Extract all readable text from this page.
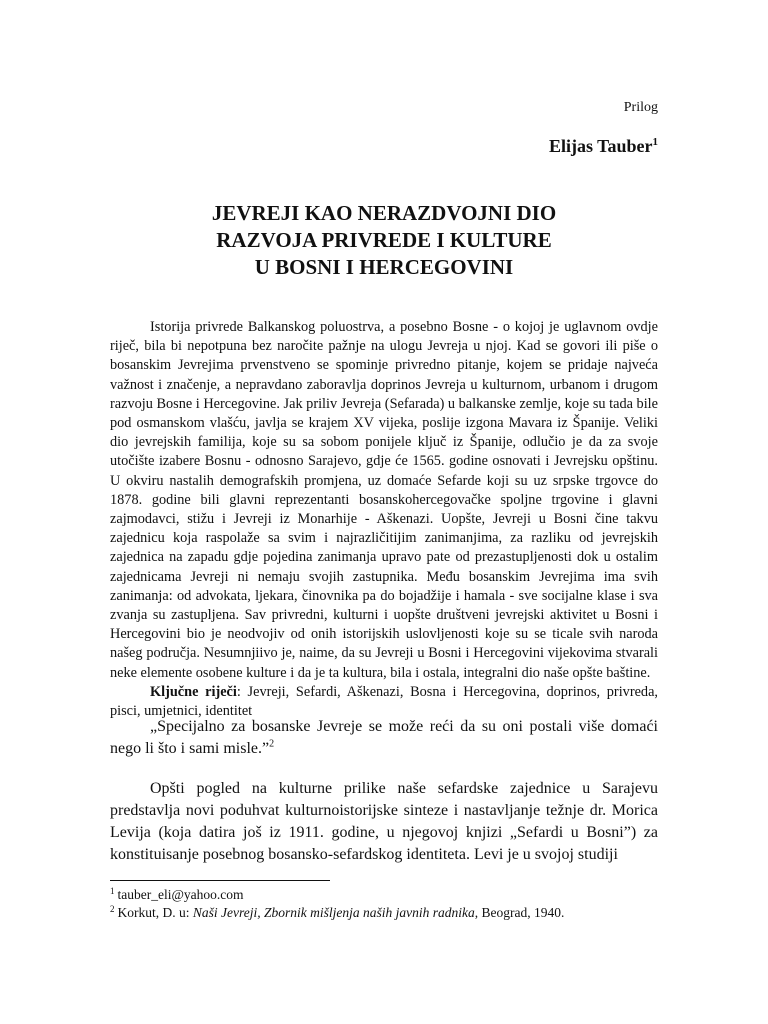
Prilog
Elijas Tauber$^1$
JEVREJI KAO NERAZDVOJNI DIO
RAZVOJA PRIVREDE I KULTURE
U BOSNI I HERCEGOVINI

Istorija privrede Balkanskog poluostrva, a posebno Bosne - o kojoj je uglavnom ovdje riječ, bila bi nepotpuna bez naročite pažnje na ulogu Jevreja u njoj. Kad se govori ili piše o bosanskim Jevrejima prvenstveno se spominje privredno pitanje, kojem se pridaje najveća važnost i značenje, a nepravdano zaboravlja doprinos Jevreja u kulturnom, urbanom i drugom razvoju Bosne i Hercegovine. Jak priliv Jevreja (Sefarada) u balkanske zemlje, koje su tada bile pod osmanskom vlašću, javlja se krajem XV vijeka, poslije izgona Mavara iz Španije. Veliki dio jevrejskih familija, koje su sa sobom ponijele ključ iz Španije, odlučio je da za svoje utočište izabere Bosnu - odnosno Sarajevo, gdje će 1565. godine osnovati i Jevrejsku opštinu. U okviru nastalih demografskih promjena, uz domaće Sefarde koji su uz srpske trgovce do 1878. godine bili glavni reprezentanti bosanskohercegovačke spoljne trgovine i glavni zajmodavci, stižu i Jevreji iz Monarhije - Aškenazi. Uopšte, Jevreji u Bosni čine takvu zajednicu koja raspolaže sa svim i najrazličitijim zanimanjima, za razliku od jevrejskih zajednica na zapadu gdje pojedina zanimanja upravo pate od prezastupljenosti dok u ostalim zajednicama Jevreji ni nemaju svojih zastupnika. Među bosanskim Jevrejima ima svih zanimanja: od advokata, ljekara, činovnika pa do bojadžije i hamala - sve socijalne klase i sva zvanja su zastupljena. Sav privredni, kulturni i uopšte društveni jevrejski aktivitet u Bosni i Hercegovini bio je neodvojiv od onih istorijskih uslovljenosti koje su se ticale svih naroda našeg područja. Nesumnjiivo je, naime, da su Jevreji u Bosni i Hercegovini vijekovima stvarali neke elemente osobene kulture i da je ta kultura, bila i ostala, integralni dio naše opšte baštine.

Ključne riječi: Jevreji, Sefardi, Aškenazi, Bosna i Hercegovina, doprinos, privreda, pisci, umjetnici, identitet

„Specijalno za bosanske Jevreje se može reći da su oni postali više domaći nego li što i sami misle.”$^2$
Opšti pogled na kulturne prilike naše sefardske zajednice u Sarajevu predstavlja novi poduhvat kulturnoistorijske sinteze i nastavljanje težnje dr. Morica Levija (koja datira još iz 1911. godine, u njegovoj knjizi „Sefardi u Bosni”) za konstituisanje posebnog bosansko-sefardskog identiteta. Levi je u svojoj studiji

$^1$ tauber_eli@yahoo.com

$^2$ Korkut, D. u: Naši Jevreji, Zbornik mišljenja naših javnih radnika, Beograd, 1940.
